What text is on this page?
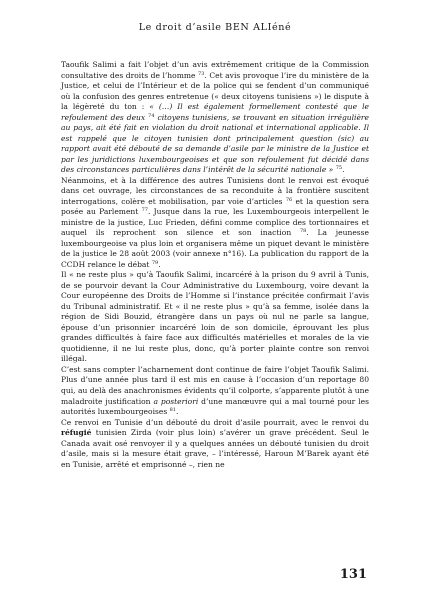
Le droit d’asile BEN ALIéné

Taoufik Salimi a fait l’objet d’un avis extrêmement critique de la Commission consultative des droits de l’homme $^{73}$. Cet avis provoque l’ire du ministère de la Justice, et celui de l’Intérieur et de la police qui se fendent d’un communiqué où la confusion des genres entretenue (« deux citoyens tunisiens ») le dispute à la légèreté du ton : « (…) Il est également formellement contesté que le refoulement des deux $^{74}$ citoyens tunisiens, se trouvant en situation irrégulière au pays, ait été fait en violation du droit national et international applicable. Il est rappelé que le citoyen tunisien dont principalement question (sic) au rapport avait été débouté de sa demande d’asile par le ministre de la Justice et par les juridictions luxembourgeoises et que son refoulement fut décidé dans des circonstances particulières dans l’intérêt de la sécurité nationale » $^{75}$.

Néanmoins, et à la différence des autres Tunisiens dont le renvoi est évoqué dans cet ouvrage, les circonstances de sa reconduite à la frontière suscitent interrogations, colère et mobilisation, par voie d’articles $^{76}$ et la question sera posée au Parlement $^{77}$. Jusque dans la rue, les Luxembourgeois interpellent le ministre de la justice, Luc Frieden, défini comme complice des tortionnaires et auquel ils reprochent son silence et son inaction $^{78}$. La jeunesse luxembourgeoise va plus loin et organisera même un piquet devant le ministère de la justice le 28 août 2003 (voir annexe n°16). La publication du rapport de la CCDH relance le débat $^{79}$.

Il « ne reste plus » qu’à Taoufik Salimi, incarcéré à la prison du 9 avril à Tunis, de se pourvoir devant la Cour Administrative du Luxembourg, voire devant la Cour européenne des Droits de l’Homme si l’instance précitée confirmait l’avis du Tribunal administratif. Et « il ne reste plus » qu’à sa femme, isolée dans la région de Sidi Bouzid, étrangère dans un pays où nul ne parle sa langue, épouse d’un prisonnier incarcéré loin de son domicile, éprouvant les plus grandes difficultés à faire face aux difficultés matérielles et morales de la vie quotidienne, il ne lui reste plus, donc, qu’à porter plainte contre son renvoi illégal.

C’est sans compter l’acharnement dont continue de faire l’objet Taoufik Salimi. Plus d’une année plus tard il est mis en cause à l’occasion d’un reportage 80 qui, au delà des anachronismes évidents qu’il colporte, s’apparente plutôt à une maladroite justification a posteriori d’une manœuvre qui a mal tourné pour les autorités luxembourgeoises $^{81}$.

Ce renvoi en Tunisie d’un débouté du droit d’asile pourrait, avec le renvoi du réfugié tunisien Zirda (voir plus loin) s’avérer un grave précédent. Seul le Canada avait osé renvoyer il y a quelques années un débouté tunisien du droit d’asile, mais si la mesure était grave, – l’intéressé, Haroun M’Barek ayant été en Tunisie, arrêté et emprisonné –, rien ne

131
